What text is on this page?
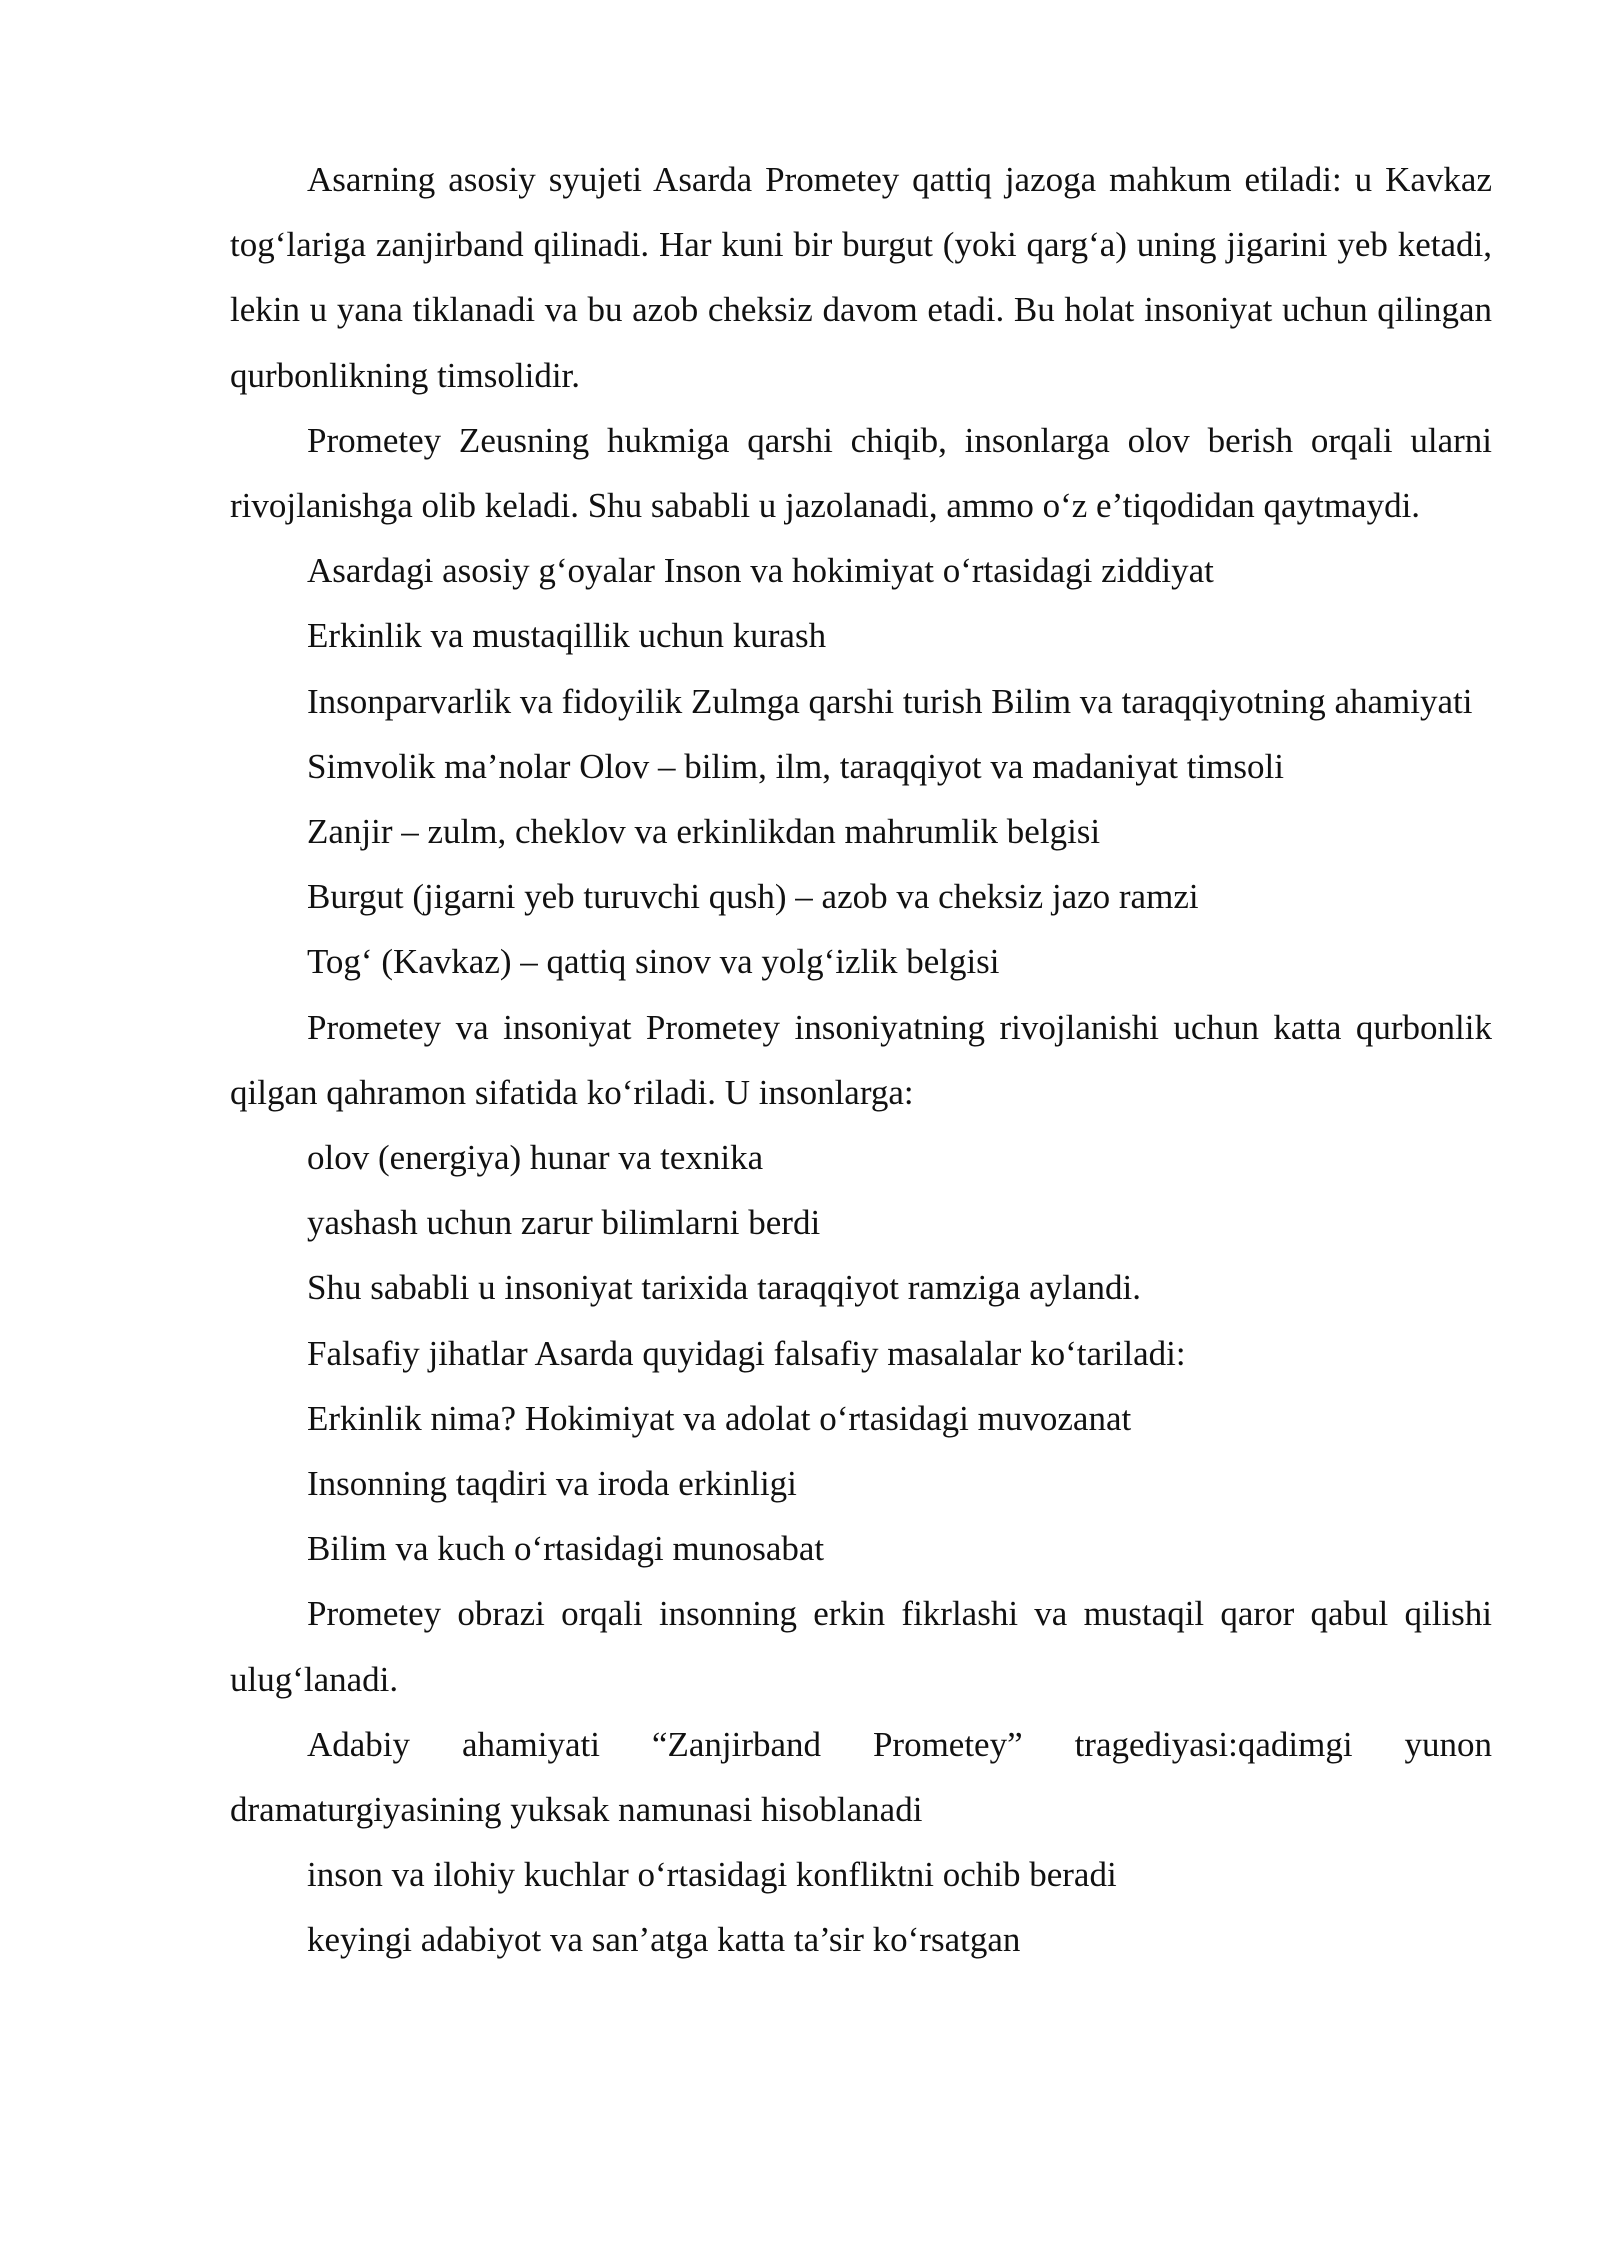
Asarning asosiy syujeti Asarda Prometey qattiq jazoga mahkum etiladi: u Kavkaz tog‘lariga zanjirband qilinadi. Har kuni bir burgut (yoki qarg‘a) uning jigarini yeb ketadi, lekin u yana tiklanadi va bu azob cheksiz davom etadi. Bu holat insoniyat uchun qilingan qurbonlikning timsolidir.

Prometey Zeusning hukmiga qarshi chiqib, insonlarga olov berish orqali ularni rivojlanishga olib keladi. Shu sababli u jazolanadi, ammo o‘z e’tiqodidan qaytmaydi.

Asardagi asosiy g‘oyalar Inson va hokimiyat o‘rtasidagi ziddiyat

Erkinlik va mustaqillik uchun kurash

Insonparvarlik va fidoyilik Zulmga qarshi turish Bilim va taraqqiyotning ahamiyati

Simvolik ma’nolar Olov – bilim, ilm, taraqqiyot va madaniyat timsoli

Zanjir – zulm, cheklov va erkinlikdan mahrumlik belgisi

Burgut (jigarni yeb turuvchi qush) – azob va cheksiz jazo ramzi

Tog‘ (Kavkaz) – qattiq sinov va yolg‘izlik belgisi

Prometey va insoniyat Prometey insoniyatning rivojlanishi uchun katta qurbonlik qilgan qahramon sifatida ko‘riladi. U insonlarga:

olov (energiya) hunar va texnika

yashash uchun zarur bilimlarni berdi

Shu sababli u insoniyat tarixida taraqqiyot ramziga aylandi.

Falsafiy jihatlar Asarda quyidagi falsafiy masalalar ko‘tariladi:

Erkinlik nima? Hokimiyat va adolat o‘rtasidagi muvozanat

Insonning taqdiri va iroda erkinligi

Bilim va kuch o‘rtasidagi munosabat

Prometey obrazi orqali insonning erkin fikrlashi va mustaqil qaror qabul qilishi ulug‘lanadi.

Adabiy ahamiyati “Zanjirband Prometey” tragediyasi:qadimgi yunon dramaturgiyasining yuksak namunasi hisoblanadi

inson va ilohiy kuchlar o‘rtasidagi konfliktni ochib beradi

keyingi adabiyot va san’atga katta ta’sir ko‘rsatgan
